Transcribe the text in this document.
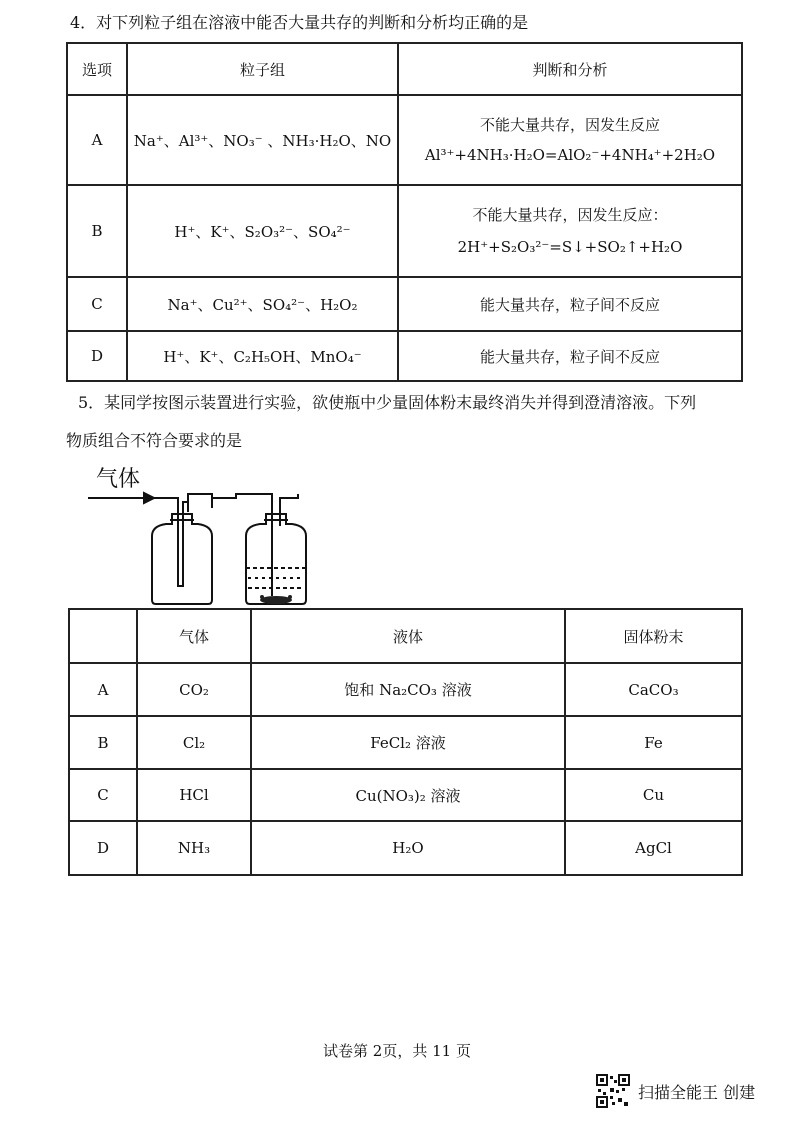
4．对下列粒子组在溶液中能否大量共存的判断和分析均正确的是
选项	粒子组	判断和分析
A	Na⁺、Al³⁺、NO₃⁻ 、NH₃·H₂O、NO	不能大量共存，因发生反应
Al³⁺+4NH₃·H₂O=AlO₂⁻+4NH₄⁺+2H₂O

B	H⁺、K⁺、S₂O₃²⁻、SO₄²⁻	不能大量共存，因发生反应：
2H⁺+S₂O₃²⁻=S↓+SO₂↑+H₂O

C	Na⁺、Cu²⁺、SO₄²⁻、H₂O₂	能大量共存，粒子间不反应
D	H⁺、K⁺、C₂H₅OH、MnO₄⁻	能大量共存，粒子间不反应
5．某同学按图示装置进行实验，欲使瓶中少量固体粉末最终消失并得到澄清溶液。下列
物质组合不符合要求的是
气体
	气体	液体	固体粉末
A	CO₂	饱和 Na₂CO₃ 溶液	CaCO₃
B	Cl₂	FeCl₂ 溶液	Fe
C	HCl	Cu(NO₃)₂ 溶液	Cu
D	NH₃	H₂O	AgCl
试卷第 2页，共 11 页
扫描全能王 创建
